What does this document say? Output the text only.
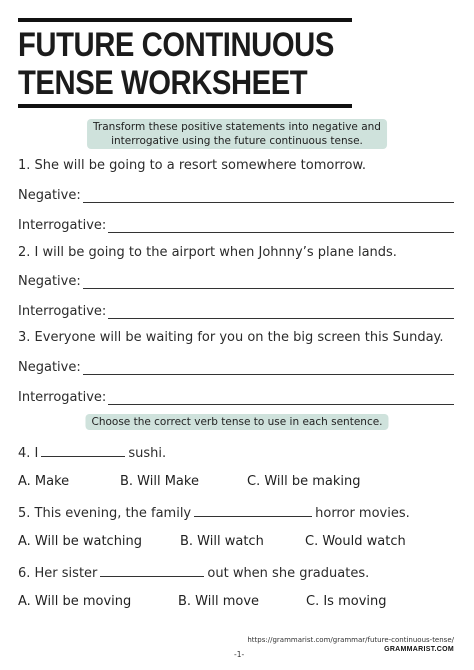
FUTURE CONTINUOUS
TENSE WORKSHEET
Transform these positive statements into negative and
interrogative using the future continuous tense.
1. She will be going to a resort somewhere tomorrow.
Negative:
Interrogative:
2. I will be going to the airport when Johnny’s plane lands.
Negative:
Interrogative:
3. Everyone will be waiting for you on the big screen this Sunday.
Negative:
Interrogative:
Choose the correct verb tense to use in each sentence.
4. I	sushi.
A. Make	B. Will Make	C. Will be making
5. This evening, the family	horror movies.
A. Will be watching	B. Will watch	C. Would watch
6. Her sister	out when she graduates.
A. Will be moving	B. Will move	C. Is moving
https://grammarist.com/grammar/future-continuous-tense/
GRAMMARIST.COM
-1-
